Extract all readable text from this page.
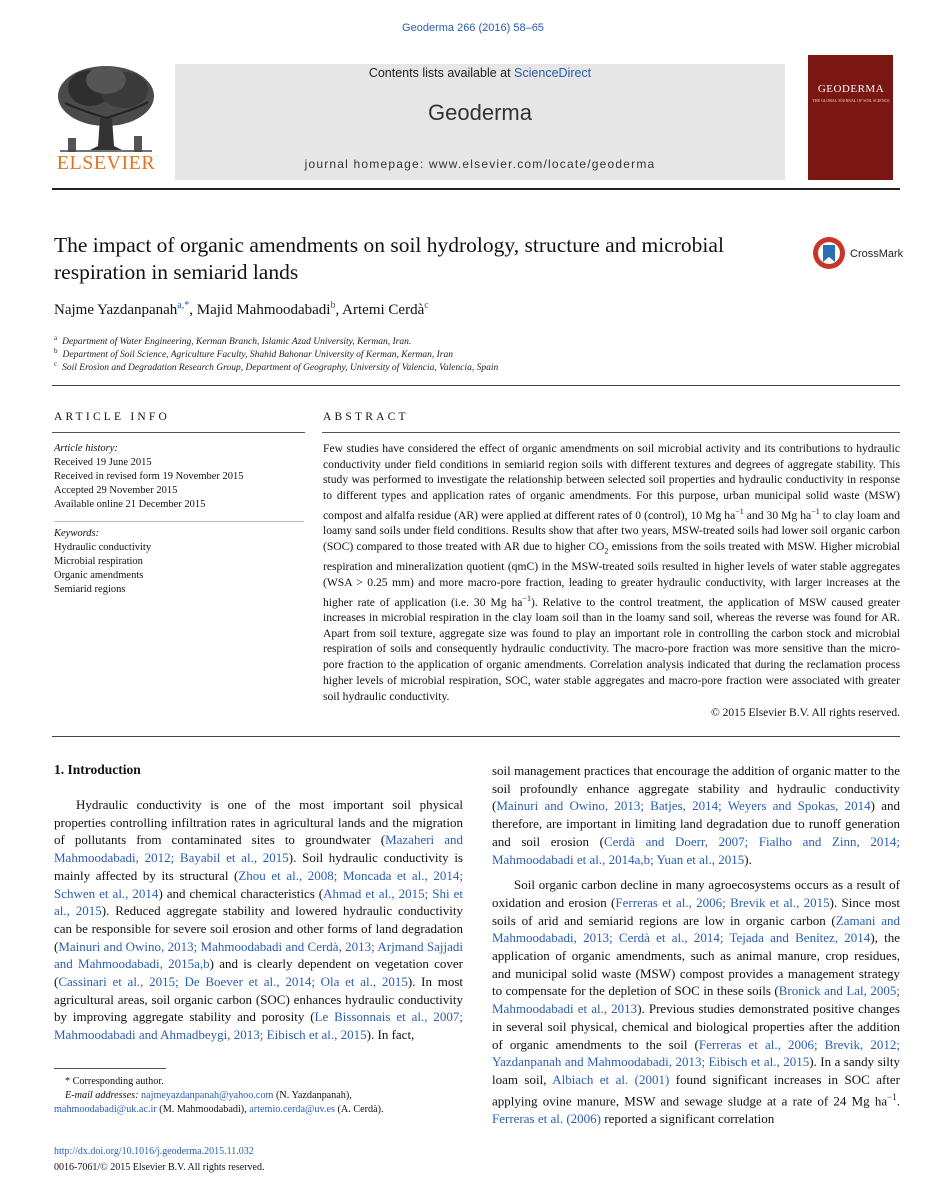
Geoderma 266 (2016) 58–65
ELSEVIER
Contents lists available at ScienceDirect
Geoderma
journal homepage: www.elsevier.com/locate/geoderma
GEODERMA
THE GLOBAL JOURNAL OF SOIL SCIENCE
The impact of organic amendments on soil hydrology, structure and microbial respiration in semiarid lands
CrossMark
Najme Yazdanpanah$^{a,*}$, Majid Mahmoodabadi$^b$, Artemi Cerdà$^c$
$^a$ Department of Water Engineering, Kerman Branch, Islamic Azad University, Kerman, Iran.
$^b$ Department of Soil Science, Agriculture Faculty, Shahid Bahonar University of Kerman, Kerman, Iran
$^c$ Soil Erosion and Degradation Research Group, Department of Geography, University of Valencia, Valencia, Spain
ARTICLE INFO	ABSTRACT
Article history:
Received 19 June 2015
Received in revised form 19 November 2015
Accepted 29 November 2015
Available online 21 December 2015
Keywords:
Hydraulic conductivity
Microbial respiration
Organic amendments
Semiarid regions
Few studies have considered the effect of organic amendments on soil microbial activity and its contributions to hydraulic conductivity under field conditions in semiarid region soils with different textures and degrees of aggregate stability. This study was performed to investigate the relationship between selected soil properties and hydraulic conductivity in response to different types and application rates of organic amendments. For this purpose, urban municipal solid waste (MSW) compost and alfalfa residue (AR) were applied at different rates of 0 (control), 10 Mg $ha^{-1}$ and 30 Mg $ha^{-1}$ to clay loam and loamy sand soils under field conditions. Results show that after two years, MSW-treated soils had lower soil organic carbon (SOC) compared to those treated with AR due to higher $CO_2$ emissions from the soils treated with MSW. Higher microbial respiration and mineralization quotient (qmC) in the MSW-treated soils resulted in higher levels of water stable aggregates (WSA > 0.25 mm) and more macro-pore fraction, leading to greater hydraulic conductivity, with larger increases at the higher rate of application (i.e. 30 Mg $ha^{-1}$). Relative to the control treatment, the application of MSW caused greater increases in microbial respiration in the clay loam soil than in the loamy sand soil, whereas the reverse was found for AR. Apart from soil texture, aggregate size was found to play an important role in controlling the carbon stock and microbial respiration of soils and consequently hydraulic conductivity. The macro-pore fraction was more sensitive than the micro-pore fraction to the application of organic amendments. Correlation analysis indicated that during the reclamation process higher levels of microbial respiration, SOC, water stable aggregates and macro-pore fraction were associated with greater soil hydraulic conductivity.
© 2015 Elsevier B.V. All rights reserved.
1. Introduction

Hydraulic conductivity is one of the most important soil physical properties controlling infiltration rates in agricultural lands and the migration of pollutants from contaminated sites to groundwater (Mazaheri and Mahmoodabadi, 2012; Bayabil et al., 2015). Soil hydraulic conductivity is mainly affected by its structural (Zhou et al., 2008; Moncada et al., 2014; Schwen et al., 2014) and chemical characteristics (Ahmad et al., 2015; Shi et al., 2015). Reduced aggregate stability and lowered hydraulic conductivity can be responsible for severe soil erosion and other forms of land degradation (Mainuri and Owino, 2013; Mahmoodabadi and Cerdà, 2013; Arjmand Sajjadi and Mahmoodabadi, 2015a,b) and is clearly dependent on vegetation cover (Cassinari et al., 2015; De Boever et al., 2014; Ola et al., 2015). In most agricultural areas, soil organic carbon (SOC) enhances hydraulic conductivity by improving aggregate stability and porosity (Le Bissonnais et al., 2007; Mahmoodabadi and Ahmadbeygi, 2013; Eibisch et al., 2015). In fact,

soil management practices that encourage the addition of organic matter to the soil profoundly enhance aggregate stability and hydraulic conductivity (Mainuri and Owino, 2013; Batjes, 2014; Weyers and Spokas, 2014) and therefore, are important in limiting land degradation due to runoff generation and soil erosion (Cerdà and Doerr, 2007; Fialho and Zinn, 2014; Mahmoodabadi et al., 2014a,b; Yuan et al., 2015).

Soil organic carbon decline in many agroecosystems occurs as a result of oxidation and erosion (Ferreras et al., 2006; Brevik et al., 2015). Since most soils of arid and semiarid regions are low in organic carbon (Zamani and Mahmoodabadi, 2013; Cerdà et al., 2014; Tejada and Benítez, 2014), the application of organic amendments, such as animal manure, crop residues, and municipal solid waste (MSW) compost provides a management strategy to compensate for the depletion of SOC in these soils (Bronick and Lal, 2005; Mahmoodabadi et al., 2013). Previous studies demonstrated positive changes in several soil physical, chemical and biological properties after the addition of organic amendments to the soil (Ferreras et al., 2006; Brevik, 2012; Yazdanpanah and Mahmoodabadi, 2013; Eibisch et al., 2015). In a sandy silty loam soil, Albiach et al. (2001) found significant increases in SOC after applying ovine manure, MSW and sewage sludge at a rate of 24 Mg $ha^{-1}$. Ferreras et al. (2006) reported a significant correlation

* Corresponding author.
E-mail addresses: najmeyazdanpanah@yahoo.com (N. Yazdanpanah),
mahmoodabadi@uk.ac.ir (M. Mahmoodabadi), artemio.cerda@uv.es (A. Cerdà).
http://dx.doi.org/10.1016/j.geoderma.2015.11.032
0016-7061/© 2015 Elsevier B.V. All rights reserved.
